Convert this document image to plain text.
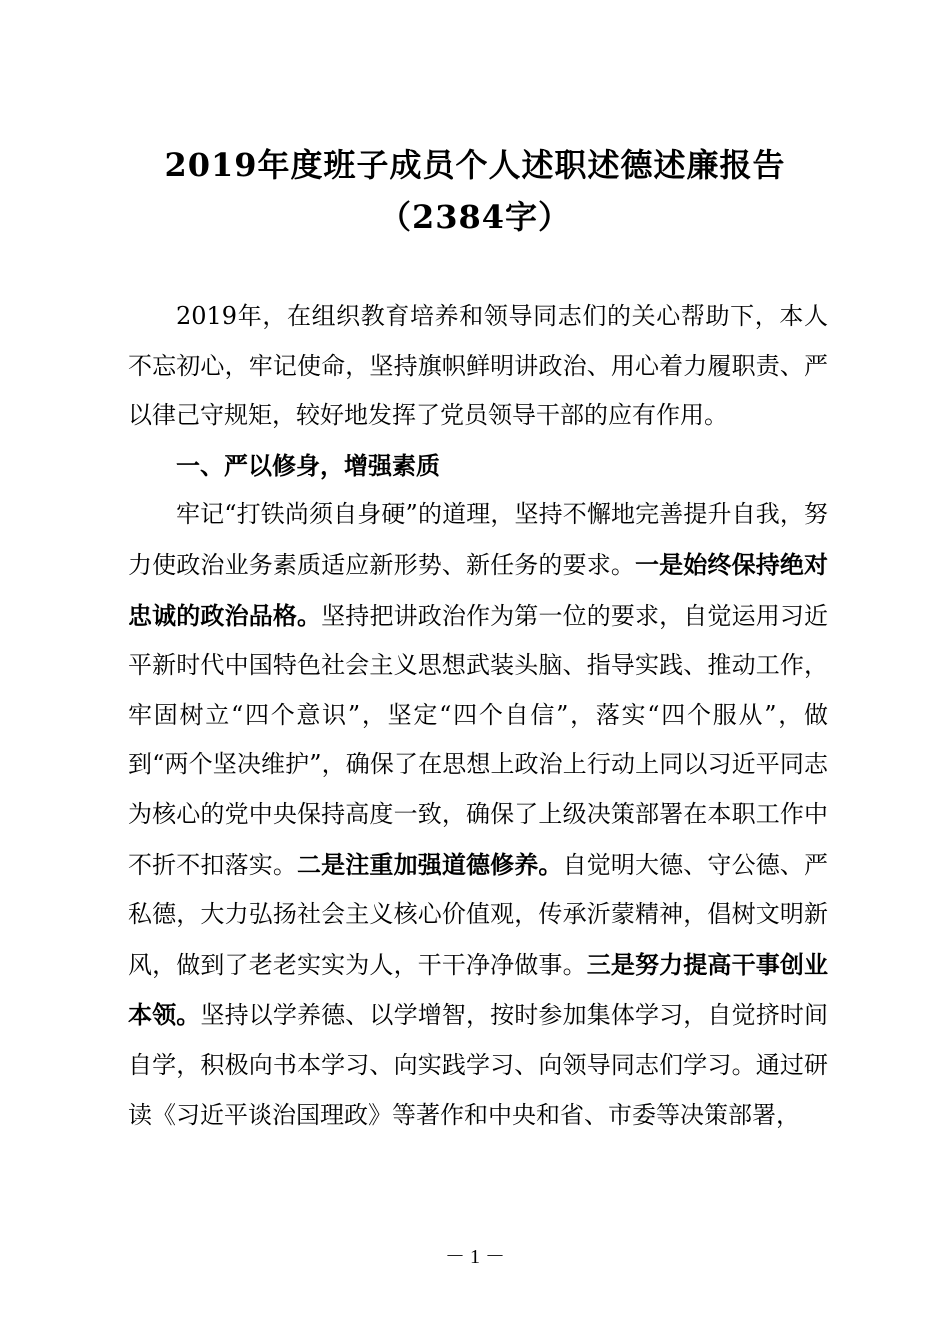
2019年度班子成员个人述职述德述廉报告
（2384字）

2019年，在组织教育培养和领导同志们的关心帮助下，本人不忘初心，牢记使命，坚持旗帜鲜明讲政治、用心着力履职责、严以律己守规矩，较好地发挥了党员领导干部的应有作用。

一、严以修身，增强素质

牢记“打铁尚须自身硬”的道理，坚持不懈地完善提升自我，努力使政治业务素质适应新形势、新任务的要求。一是始终保持绝对忠诚的政治品格。坚持把讲政治作为第一位的要求，自觉运用习近平新时代中国特色社会主义思想武装头脑、指导实践、推动工作，牢固树立“四个意识”，坚定“四个自信”，落实“四个服从”，做到“两个坚决维护”，确保了在思想上政治上行动上同以习近平同志为核心的党中央保持高度一致，确保了上级决策部署在本职工作中不折不扣落实。二是注重加强道德修养。自觉明大德、守公德、严私德，大力弘扬社会主义核心价值观，传承沂蒙精神，倡树文明新风，做到了老老实实为人，干干净净做事。三是努力提高干事创业本领。坚持以学养德、以学增智，按时参加集体学习，自觉挤时间自学，积极向书本学习、向实践学习、向领导同志们学习。通过研读《习近平谈治国理政》等著作和中央和省、市委等决策部署，

－ 1 －
